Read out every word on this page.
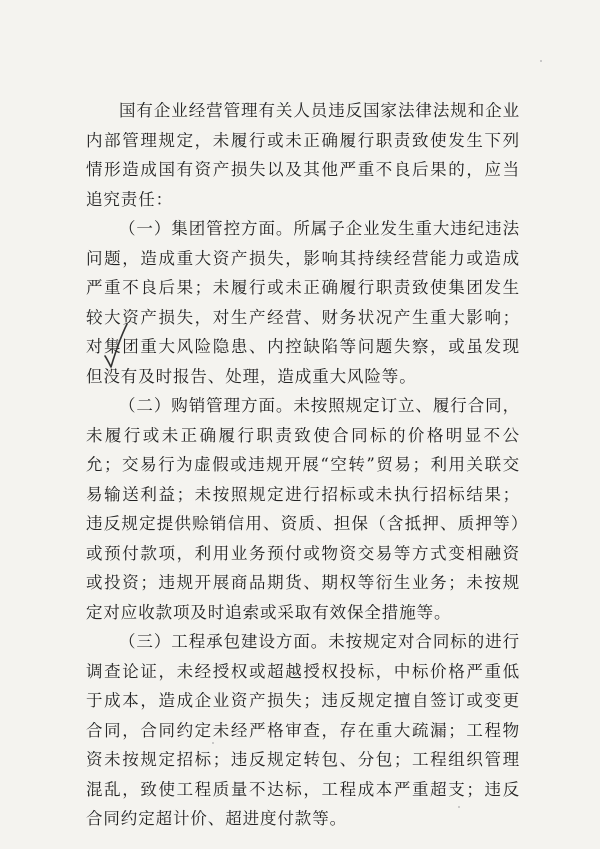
国有企业经营管理有关人员违反国家法律法规和企业内部管理规定，未履行或未正确履行职责致使发生下列情形造成国有资产损失以及其他严重不良后果的，应当追究责任：

（一）集团管控方面。所属子企业发生重大违纪违法问题，造成重大资产损失，影响其持续经营能力或造成严重不良后果；未履行或未正确履行职责致使集团发生较大资产损失，对生产经营、财务状况产生重大影响；对集团重大风险隐患、内控缺陷等问题失察，或虽发现但没有及时报告、处理，造成重大风险等。

（二）购销管理方面。未按照规定订立、履行合同，未履行或未正确履行职责致使合同标的价格明显不公允；交易行为虚假或违规开展“空转”贸易；利用关联交易输送利益；未按照规定进行招标或未执行招标结果；违反规定提供赊销信用、资质、担保（含抵押、质押等）或预付款项，利用业务预付或物资交易等方式变相融资或投资；违规开展商品期货、期权等衍生业务；未按规定对应收款项及时追索或采取有效保全措施等。

（三）工程承包建设方面。未按规定对合同标的进行调查论证，未经授权或超越授权投标，中标价格严重低于成本，造成企业资产损失；违反规定擅自签订或变更合同，合同约定未经严格审查，存在重大疏漏；工程物资未按规定招标；违反规定转包、分包；工程组织管理混乱，致使工程质量不达标，工程成本严重超支；违反合同约定超计价、超进度付款等。
